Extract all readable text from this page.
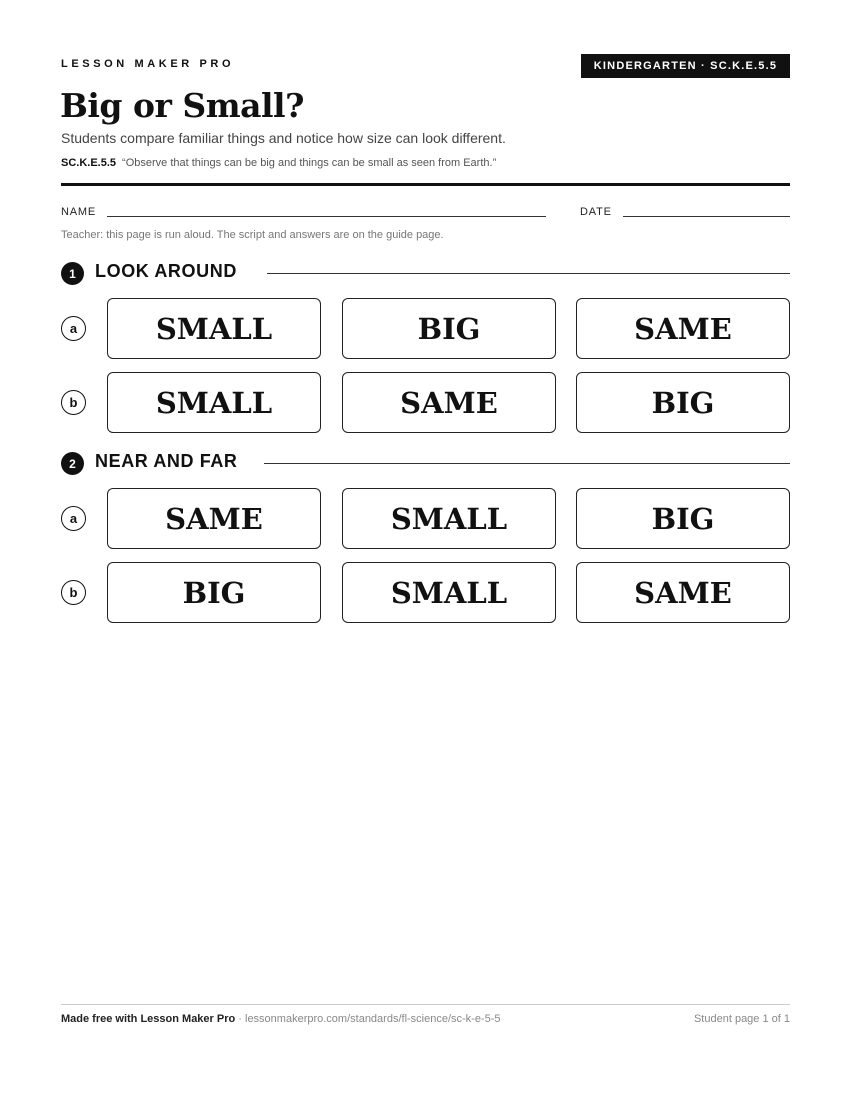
LESSON MAKER PRO	KINDERGARTEN · SC.K.E.5.5
Big or Small?
Students compare familiar things and notice how size can look different.
SC.K.E.5.5 “Observe that things can be big and things can be small as seen from Earth.”
NAME	DATE
Teacher: this page is run aloud. The script and answers are on the guide page.
1	LOOK AROUND
a	SMALL	BIG	SAME
b	SMALL	SAME	BIG
2	NEAR AND FAR
a	SAME	SMALL	BIG
b	BIG	SMALL	SAME
Made free with Lesson Maker Pro · lessonmakerpro.com/standards/fl-science/sc-k-e-5-5	Student page 1 of 1
